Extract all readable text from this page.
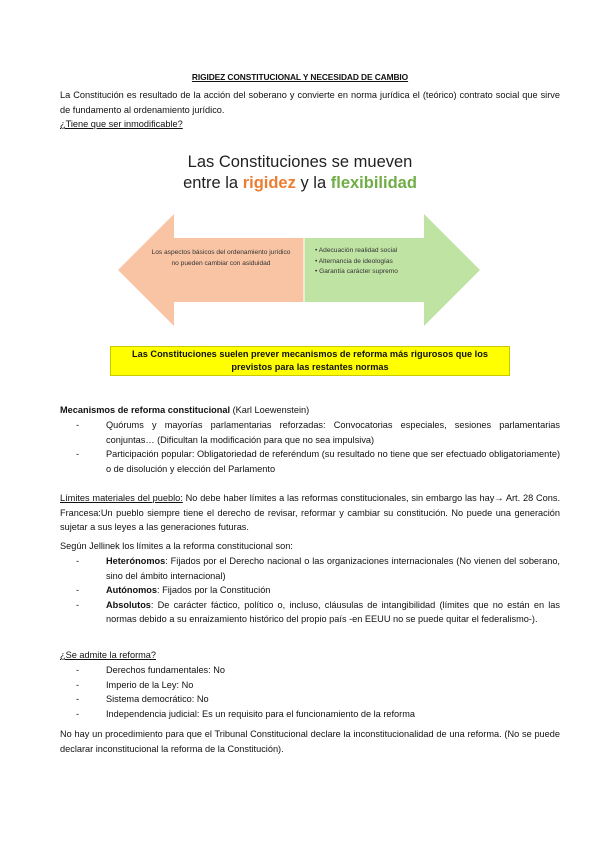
RIGIDEZ CONSTITUCIONAL Y NECESIDAD DE CAMBIO
La Constitución es resultado de la acción del soberano y convierte en norma jurídica el (teórico) contrato social que sirve de fundamento al ordenamiento jurídico.
¿Tiene que ser inmodificable?
Las Constituciones se mueven
entre la rigidez y la flexibilidad
Los aspectos básicos del ordenamiento jurídico no pueden cambiar con asiduidad
• Adecuación realidad social
• Alternancia de ideologías
• Garantía carácter supremo
Las Constituciones suelen prever mecanismos de reforma más rigurosos que los previstos para las restantes normas
Mecanismos de reforma constitucional (Karl Loewenstein)
-	Quórums y mayorías parlamentarias reforzadas: Convocatorias especiales, sesiones parlamentarias conjuntas… (Dificultan la modificación para que no sea impulsiva)
-	Participación popular: Obligatoriedad de referéndum (su resultado no tiene que ser efectuado obligatoriamente) o de disolución y elección del Parlamento
Límites materiales del pueblo: No debe haber límites a las reformas constitucionales, sin embargo las hay→ Art. 28 Cons. Francesa:Un pueblo siempre tiene el derecho de revisar, reformar y cambiar su constitución. No puede una generación sujetar a sus leyes a las generaciones futuras.
Según Jellinek los límites a la reforma constitucional son:
-	Heterónomos: Fijados por el Derecho nacional o las organizaciones internacionales (No vienen del soberano, sino del ámbito internacional)
-	Autónomos: Fijados por la Constitución
-	Absolutos: De carácter fáctico, político o, incluso, cláusulas de intangibilidad (límites que no están en las normas debido a su enraizamiento histórico del propio país -en EEUU no se puede quitar el federalismo-).
¿Se admite la reforma?
-	Derechos fundamentales: No
-	Imperio de la Ley: No
-	Sistema democrático: No
-	Independencia judicial: Es un requisito para el funcionamiento de la reforma
No hay un procedimiento para que el Tribunal Constitucional declare la inconstitucionalidad de una reforma. (No se puede declarar inconstitucional la reforma de la Constitución).
